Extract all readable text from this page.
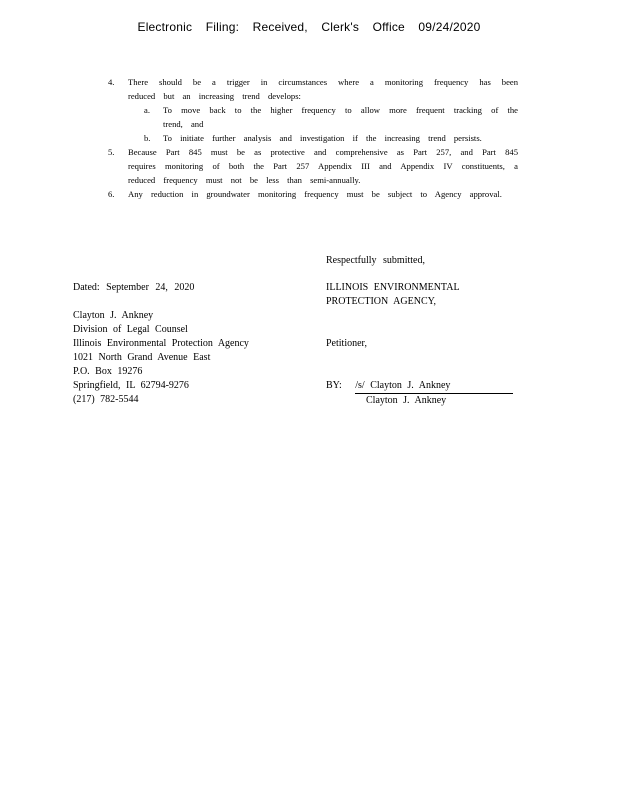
Electronic Filing: Received, Clerk's Office 09/24/2020
4. There should be a trigger in circumstances where a monitoring frequency has been reduced but an increasing trend develops:
a. To move back to the higher frequency to allow more frequent tracking of the trend, and
b. To initiate further analysis and investigation if the increasing trend persists.
5. Because Part 845 must be as protective and comprehensive as Part 257, and Part 845 requires monitoring of both the Part 257 Appendix III and Appendix IV constituents, a reduced frequency must not be less than semi-annually.
6. Any reduction in groundwater monitoring frequency must be subject to Agency approval.
Respectfully submitted,
Dated: September 24, 2020	ILLINOIS ENVIRONMENTAL
PROTECTION AGENCY,
Petitioner,
Clayton J. Ankney
Division of Legal Counsel
Illinois Environmental Protection Agency
1021 North Grand Avenue East
P.O. Box 19276
Springfield, IL 62794-9276
(217) 782-5544
BY: /s/ Clayton J. Ankney
Clayton J. Ankney
